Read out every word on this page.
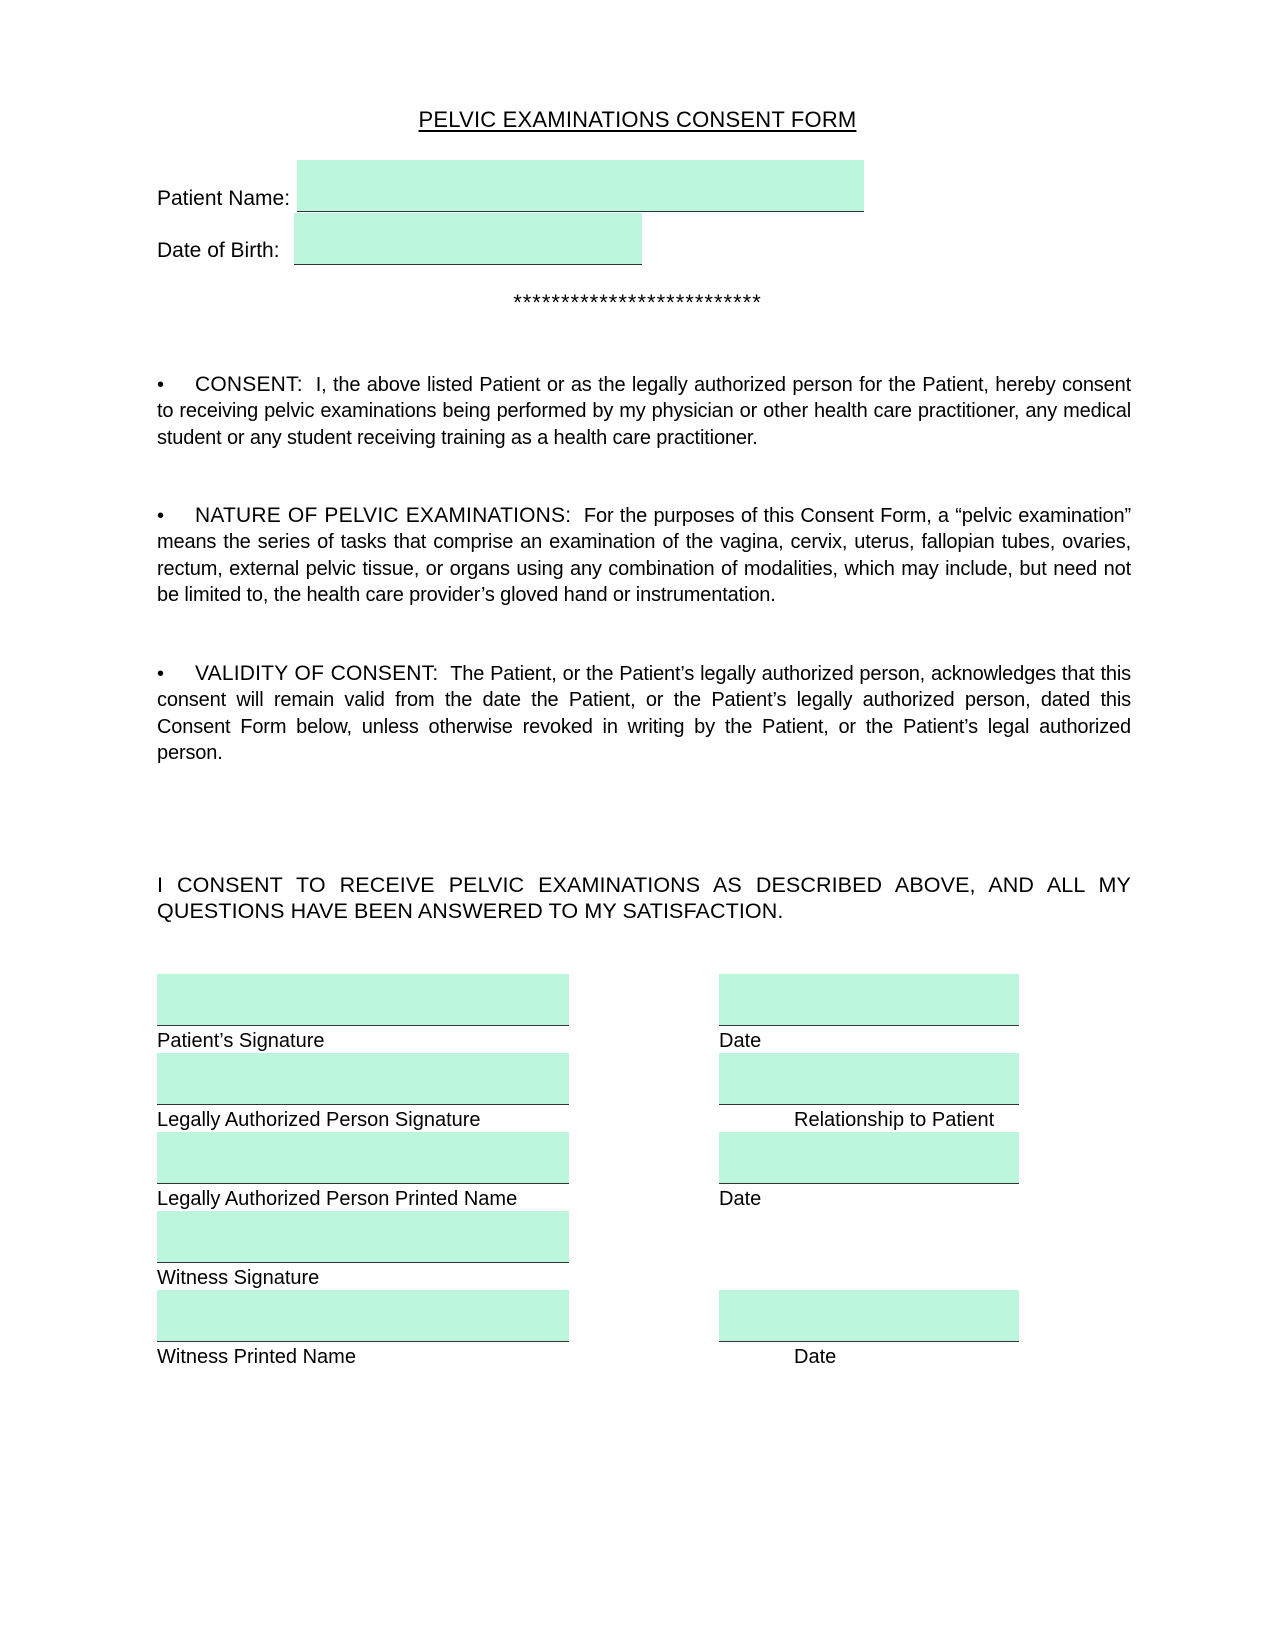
PELVIC EXAMINATIONS CONSENT FORM
Patient Name:
Date of Birth:
**************************
• CONSENT: I, the above listed Patient or as the legally authorized person for the Patient, hereby consent to receiving pelvic examinations being performed by my physician or other health care practitioner, any medical student or any student receiving training as a health care practitioner.
• NATURE OF PELVIC EXAMINATIONS: For the purposes of this Consent Form, a “pelvic examination” means the series of tasks that comprise an examination of the vagina, cervix, uterus, fallopian tubes, ovaries, rectum, external pelvic tissue, or organs using any combination of modalities, which may include, but need not be limited to, the health care provider’s gloved hand or instrumentation.
• VALIDITY OF CONSENT: The Patient, or the Patient’s legally authorized person, acknowledges that this consent will remain valid from the date the Patient, or the Patient’s legally authorized person, dated this Consent Form below, unless otherwise revoked in writing by the Patient, or the Patient’s legal authorized person.
I CONSENT TO RECEIVE PELVIC EXAMINATIONS AS DESCRIBED ABOVE, AND ALL MY QUESTIONS HAVE BEEN ANSWERED TO MY SATISFACTION.
Patient’s Signature
Legally Authorized Person Signature
Legally Authorized Person Printed Name
Witness Signature
Witness Printed Name
Date
Relationship to Patient
Date
Date
